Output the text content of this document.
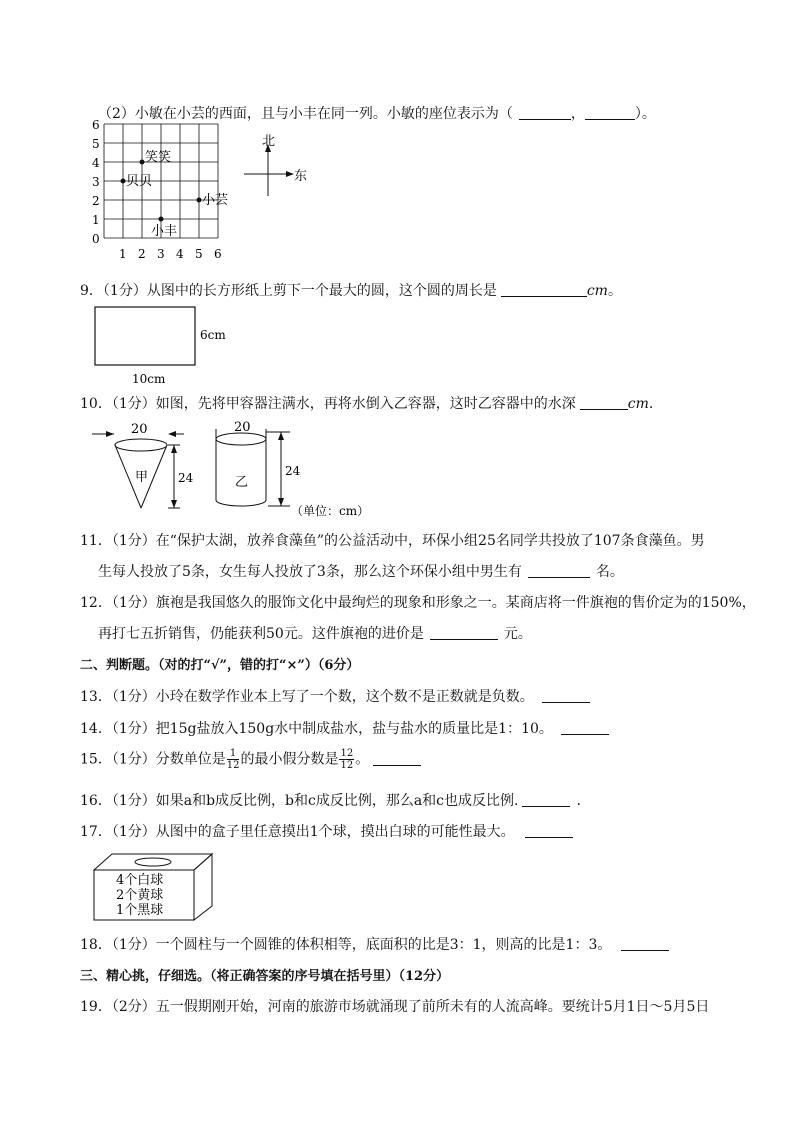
（2）小敏在小芸的西面，且与小丰在同一列。小敏的座位表示为（	，	）。
0
1
2
3
4
5
6
1 2 3 4 5 6
笑笑
贝贝
小芸
小丰
北
东
9．（1分）从图中的长方形纸上剪下一个最大的圆，这个圆的周长是	cm。
6cm
10cm
10．（1分）如图，先将甲容器注满水，再将水倒入乙容器，这时乙容器中的水深	cm.
20
甲 24
20
乙
24
（单位：cm）
11．（1分）在“保护太湖，放养食藻鱼”的公益活动中，环保小组25名同学共投放了107条食藻鱼。男
生每人投放了5条，女生每人投放了3条，那么这个环保小组中男生有	名。
12．（1分）旗袍是我国悠久的服饰文化中最绚烂的现象和形象之一。某商店将一件旗袍的售价定为的150%，
再打七五折销售，仍能获利50元。这件旗袍的进价是	元。
二、判断题。（对的打“√”，错的打“×”）（6分）
13．（1分）小玲在数学作业本上写了一个数，这个数不是正数就是负数。
14．（1分）把15g盐放入150g水中制成盐水，盐与盐水的质量比是1：10。
15．（1分）分数单位是 $\frac{1}{12}$ 的最小假分数是 $\frac{12}{12}$ 。
16．（1分）如果a和b成反比例，b和c成反比例，那么a和c也成反比例.	.
17．（1分）从图中的盒子里任意摸出1个球，摸出白球的可能性最大。
4个白球
2个黄球
1个黑球
18．（1分）一个圆柱与一个圆锥的体积相等，底面积的比是3：1，则高的比是1：3。
三、精心挑，仔细选。（将正确答案的序号填在括号里）（12分）
19．（2分）五一假期刚开始，河南的旅游市场就涌现了前所未有的人流高峰。要统计5月1日～5月5日
